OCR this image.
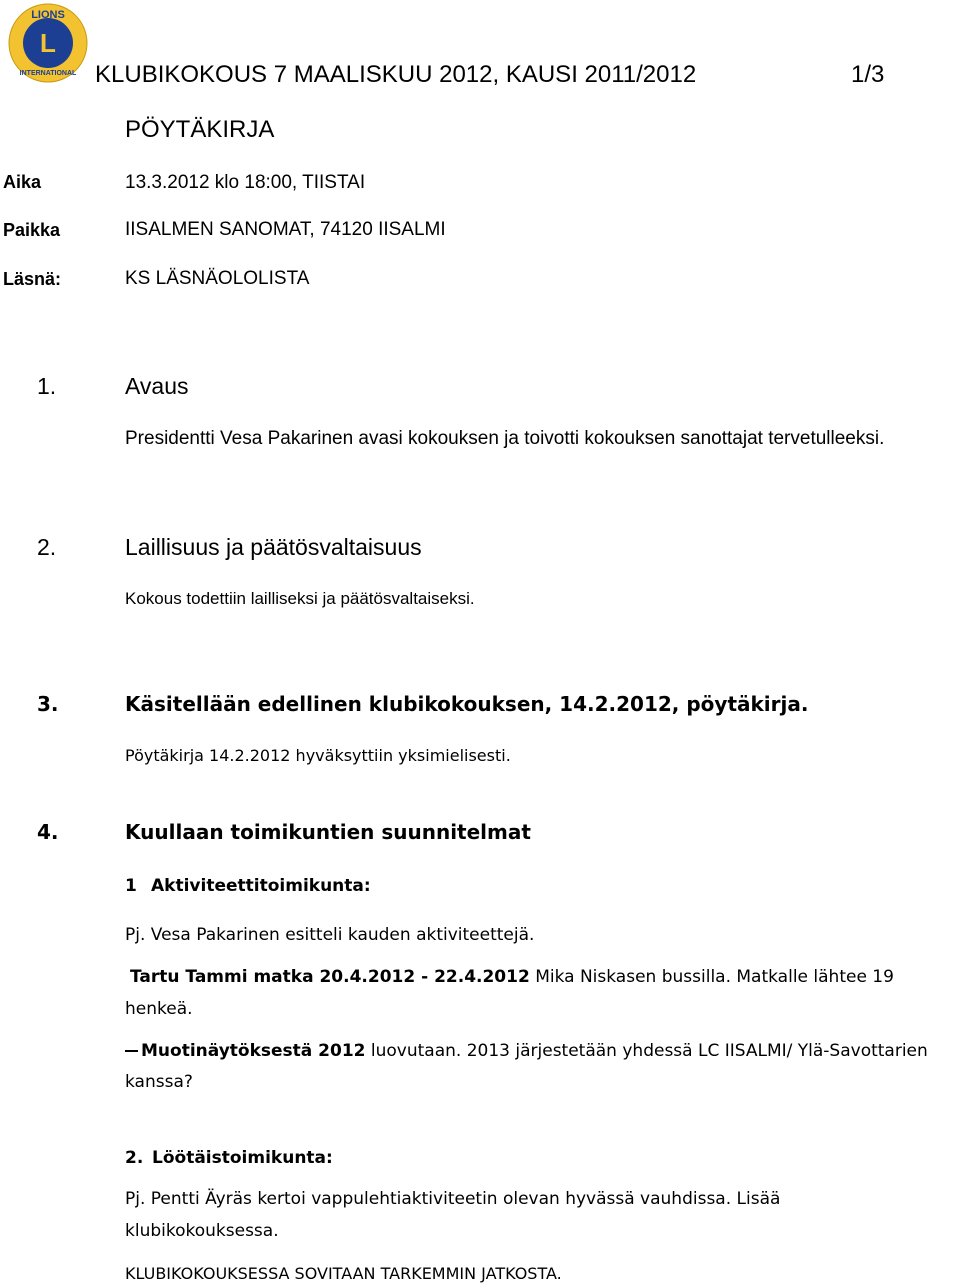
LIONS
L
INTERNATIONAL KLUBIKOKOUS 7 MAALISKUU 2012, KAUSI 2011/2012	1/3
PÖYTÄKIRJA
Aika	13.3.2012 klo 18:00, TIISTAI
Paikka	IISALMEN SANOMAT, 74120 IISALMI
Läsnä:	KS LÄSNÄOLOLISTA
1.	Avaus
Presidentti Vesa Pakarinen avasi kokouksen ja toivotti kokouksen sanottajat tervetulleeksi.
2.	Laillisuus ja päätösvaltaisuus
Kokous todettiin lailliseksi ja päätösvaltaiseksi.
3.	Käsitellään edellinen klubikokouksen, 14.2.2012, pöytäkirja.
Pöytäkirja 14.2.2012 hyväksyttiin yksimielisesti.
4.	Kuullaan toimikuntien suunnitelmat
1 Aktiviteettitoimikunta:
Pj. Vesa Pakarinen esitteli kauden aktiviteettejä.
Tartu Tammi matka 20.4.2012 - 22.4.2012 Mika Niskasen bussilla. Matkalle lähtee 19
henkeä.
Muotinäytöksestä 2012 luovutaan. 2013 järjestetään yhdessä LC IISALMI/ Ylä-Savottarien
kanssa?
2. Löötäistoimikunta:
Pj. Pentti Äyräs kertoi vappulehtiaktiviteetin olevan hyvässä vauhdissa. Lisää
klubikokouksessa.
KLUBIKOKOUKSESSA SOVITAAN TARKEMMIN JATKOSTA.
